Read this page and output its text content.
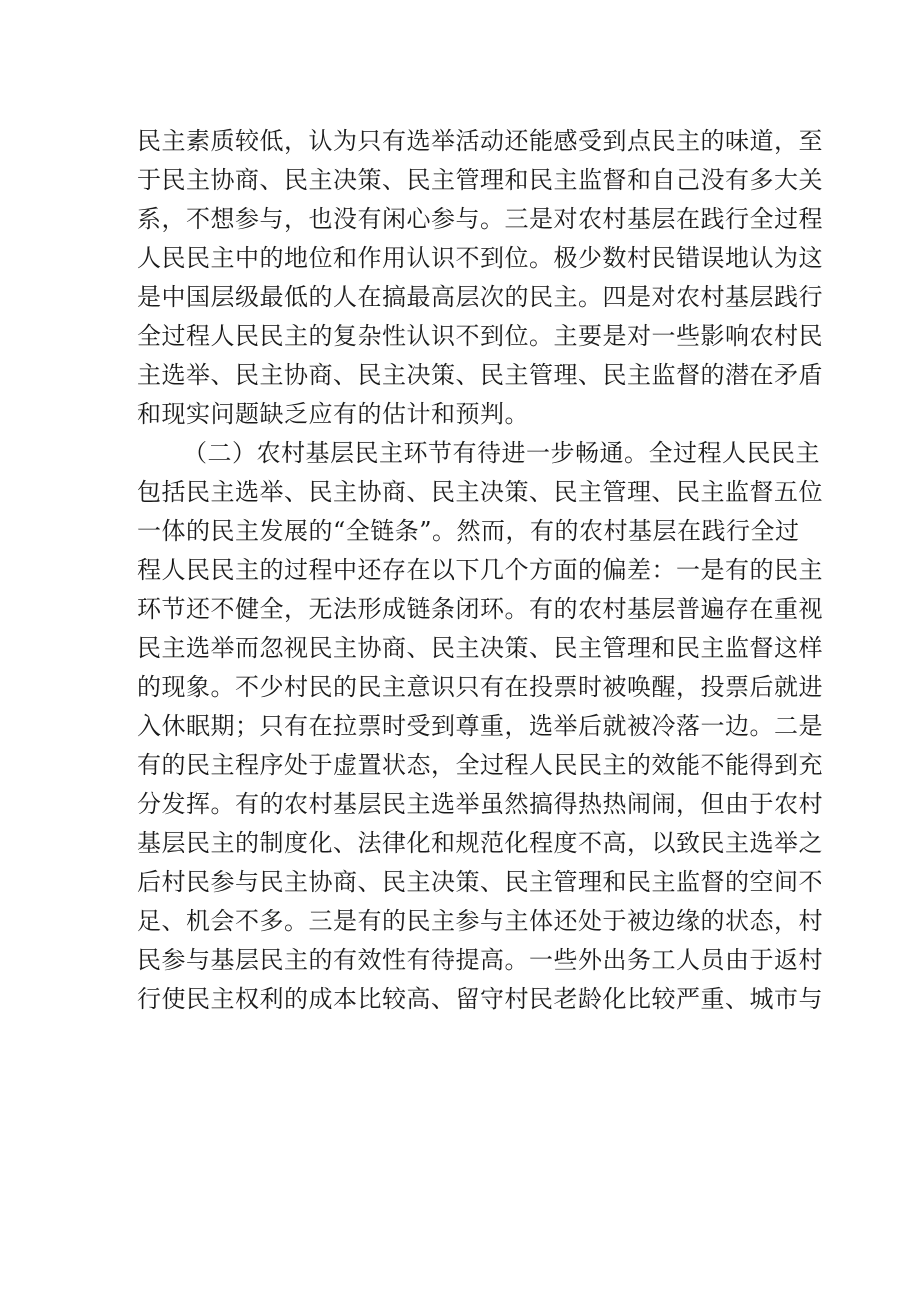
民主素质较低，认为只有选举活动还能感受到点民主的味道，至
于民主协商、民主决策、民主管理和民主监督和自己没有多大关
系，不想参与，也没有闲心参与。三是对农村基层在践行全过程
人民民主中的地位和作用认识不到位。极少数村民错误地认为这
是中国层级最低的人在搞最高层次的民主。四是对农村基层践行
全过程人民民主的复杂性认识不到位。主要是对一些影响农村民
主选举、民主协商、民主决策、民主管理、民主监督的潜在矛盾
和现实问题缺乏应有的估计和预判。
（二）农村基层民主环节有待进一步畅通。全过程人民民主
包括民主选举、民主协商、民主决策、民主管理、民主监督五位
一体的民主发展的“全链条”。然而，有的农村基层在践行全过
程人民民主的过程中还存在以下几个方面的偏差：一是有的民主
环节还不健全，无法形成链条闭环。有的农村基层普遍存在重视
民主选举而忽视民主协商、民主决策、民主管理和民主监督这样
的现象。不少村民的民主意识只有在投票时被唤醒，投票后就进
入休眠期；只有在拉票时受到尊重，选举后就被冷落一边。二是
有的民主程序处于虚置状态，全过程人民民主的效能不能得到充
分发挥。有的农村基层民主选举虽然搞得热热闹闹，但由于农村
基层民主的制度化、法律化和规范化程度不高，以致民主选举之
后村民参与民主协商、民主决策、民主管理和民主监督的空间不
足、机会不多。三是有的民主参与主体还处于被边缘的状态，村
民参与基层民主的有效性有待提高。一些外出务工人员由于返村
行使民主权利的成本比较高、留守村民老龄化比较严重、城市与
